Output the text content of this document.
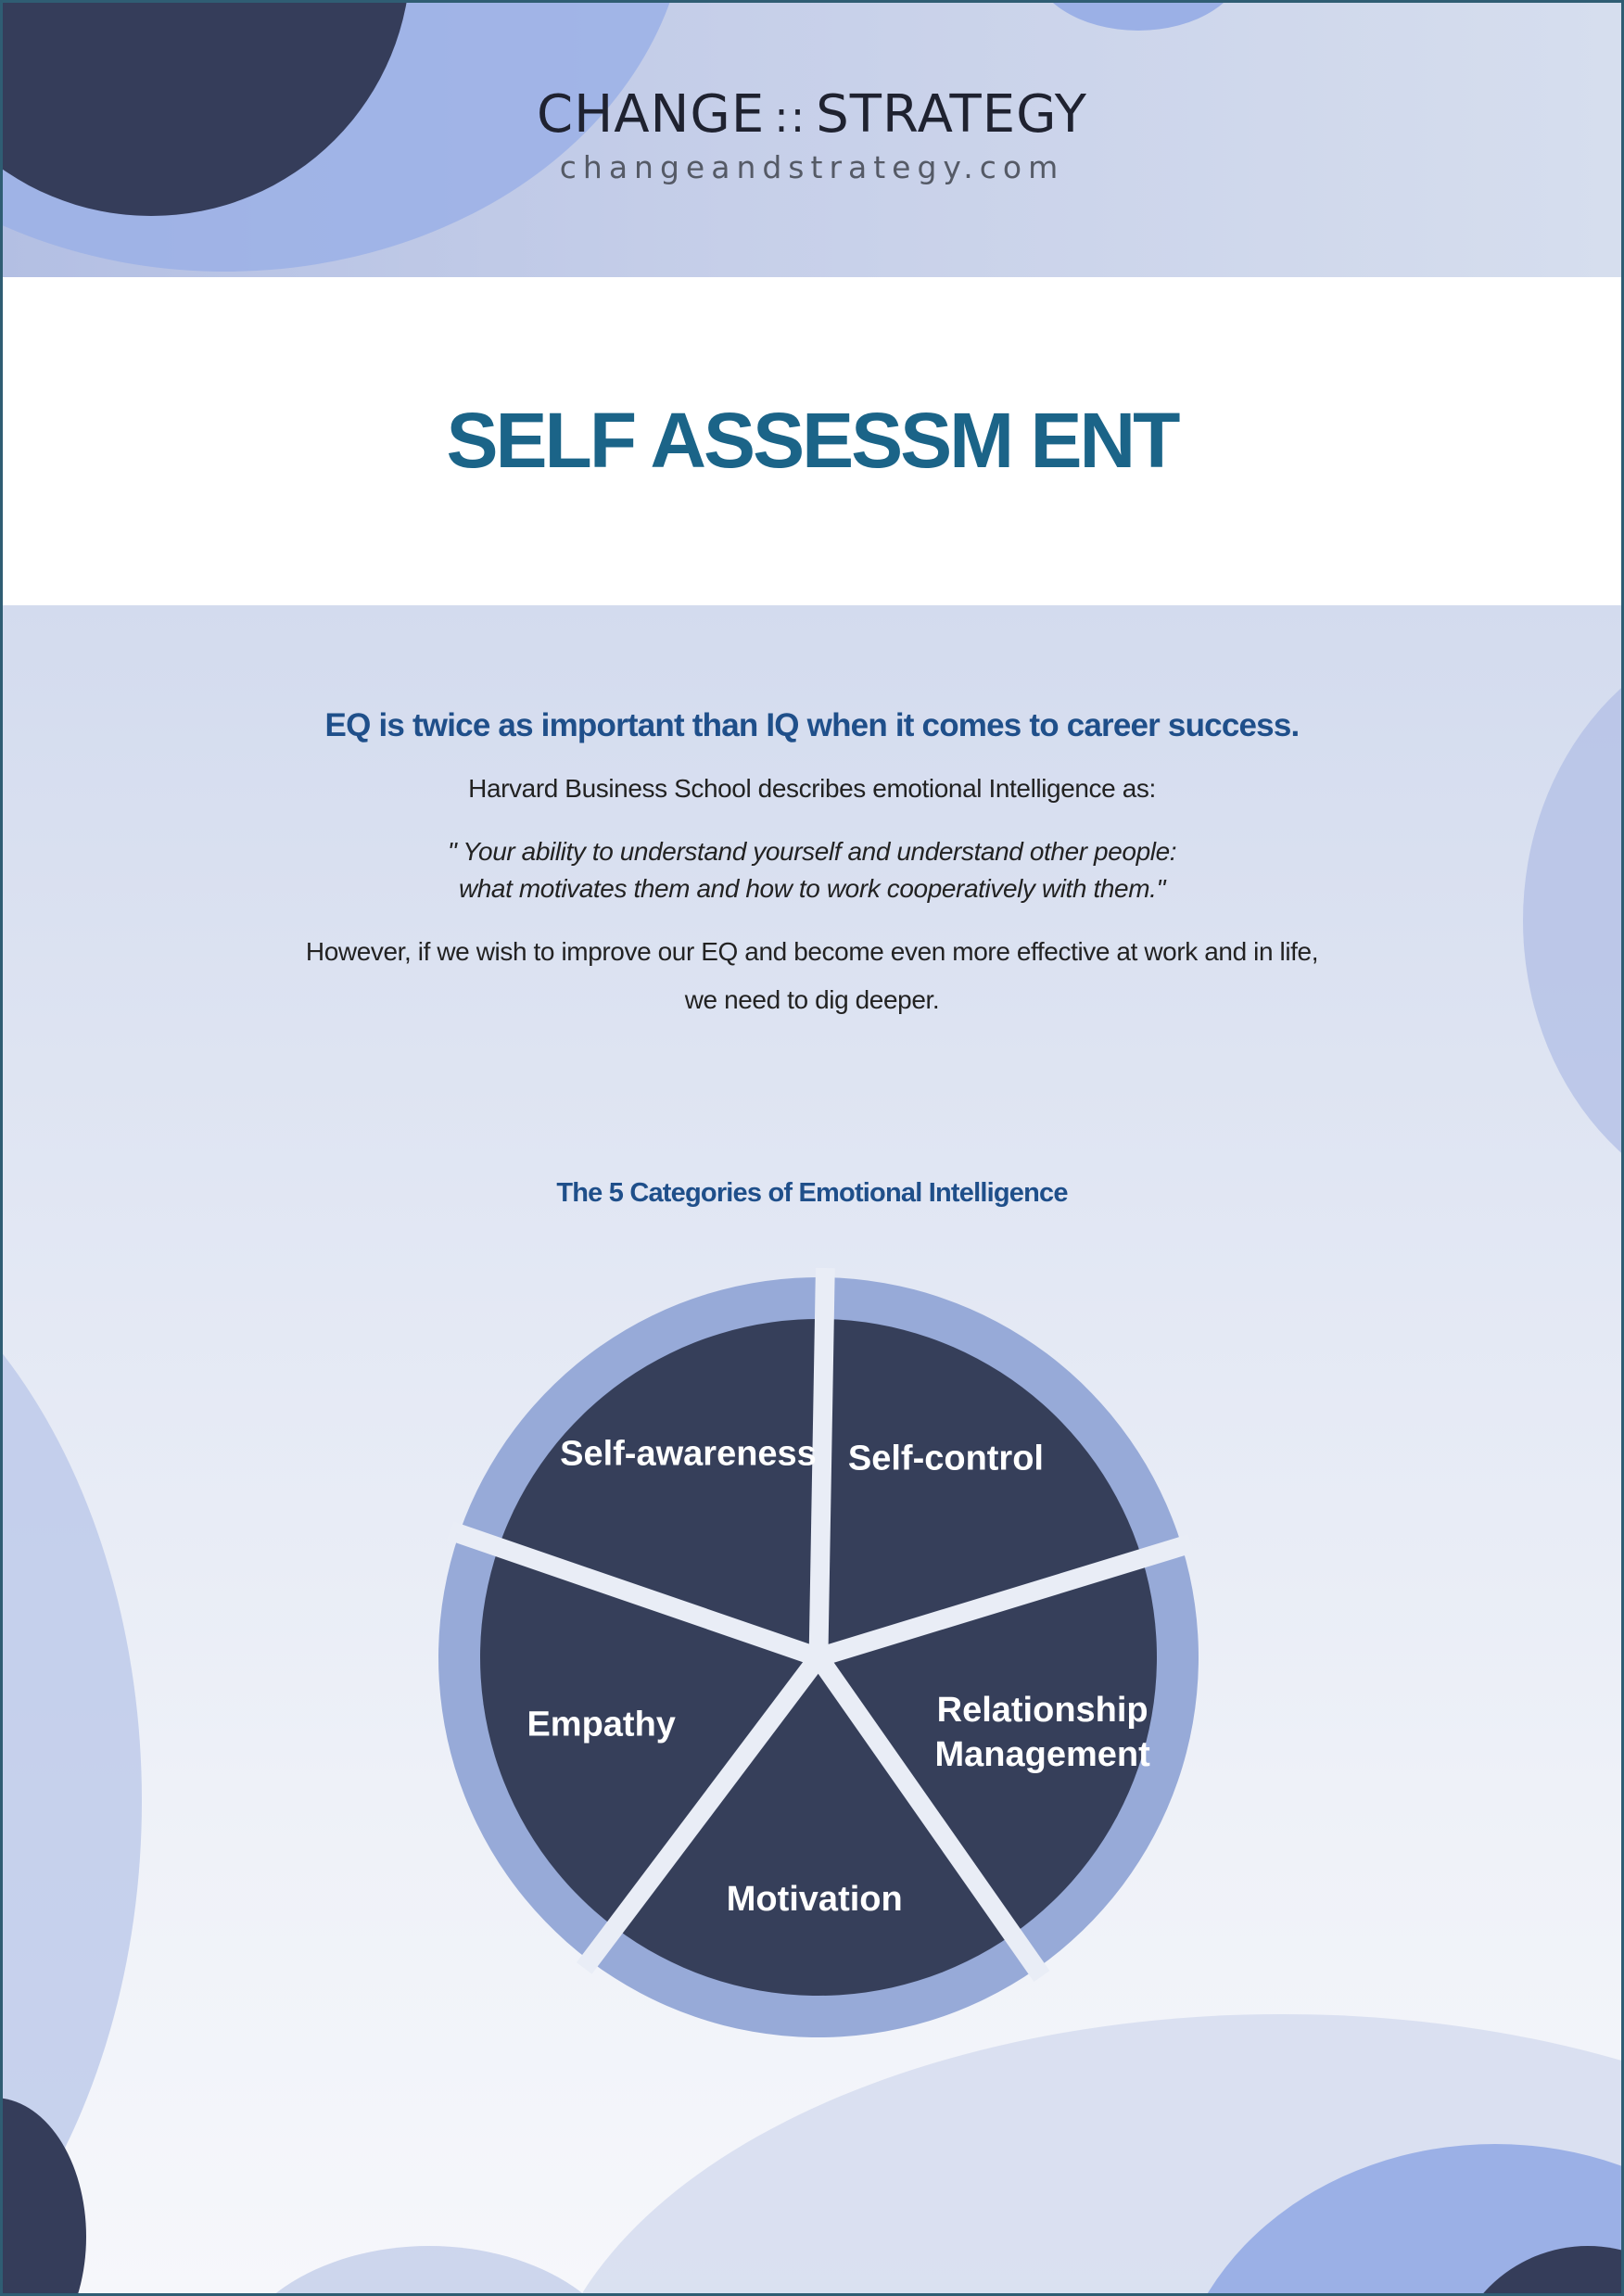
CHANGE :: STRATEGY
changeandstrategy.com
SELF ASSESSM ENT

EQ is twice as important than IQ when it comes to career success.

Harvard Business School describes emotional Intelligence as:

" Your ability to understand yourself and understand other people:

what motivates them and how to work cooperatively with them."

However, if we wish to improve our EQ and become even more effective at work and in life,

we need to dig deeper.

The 5 Categories of Emotional Intelligence

Self-control
Relationship Management
Motivation
Empathy
Self-awareness
